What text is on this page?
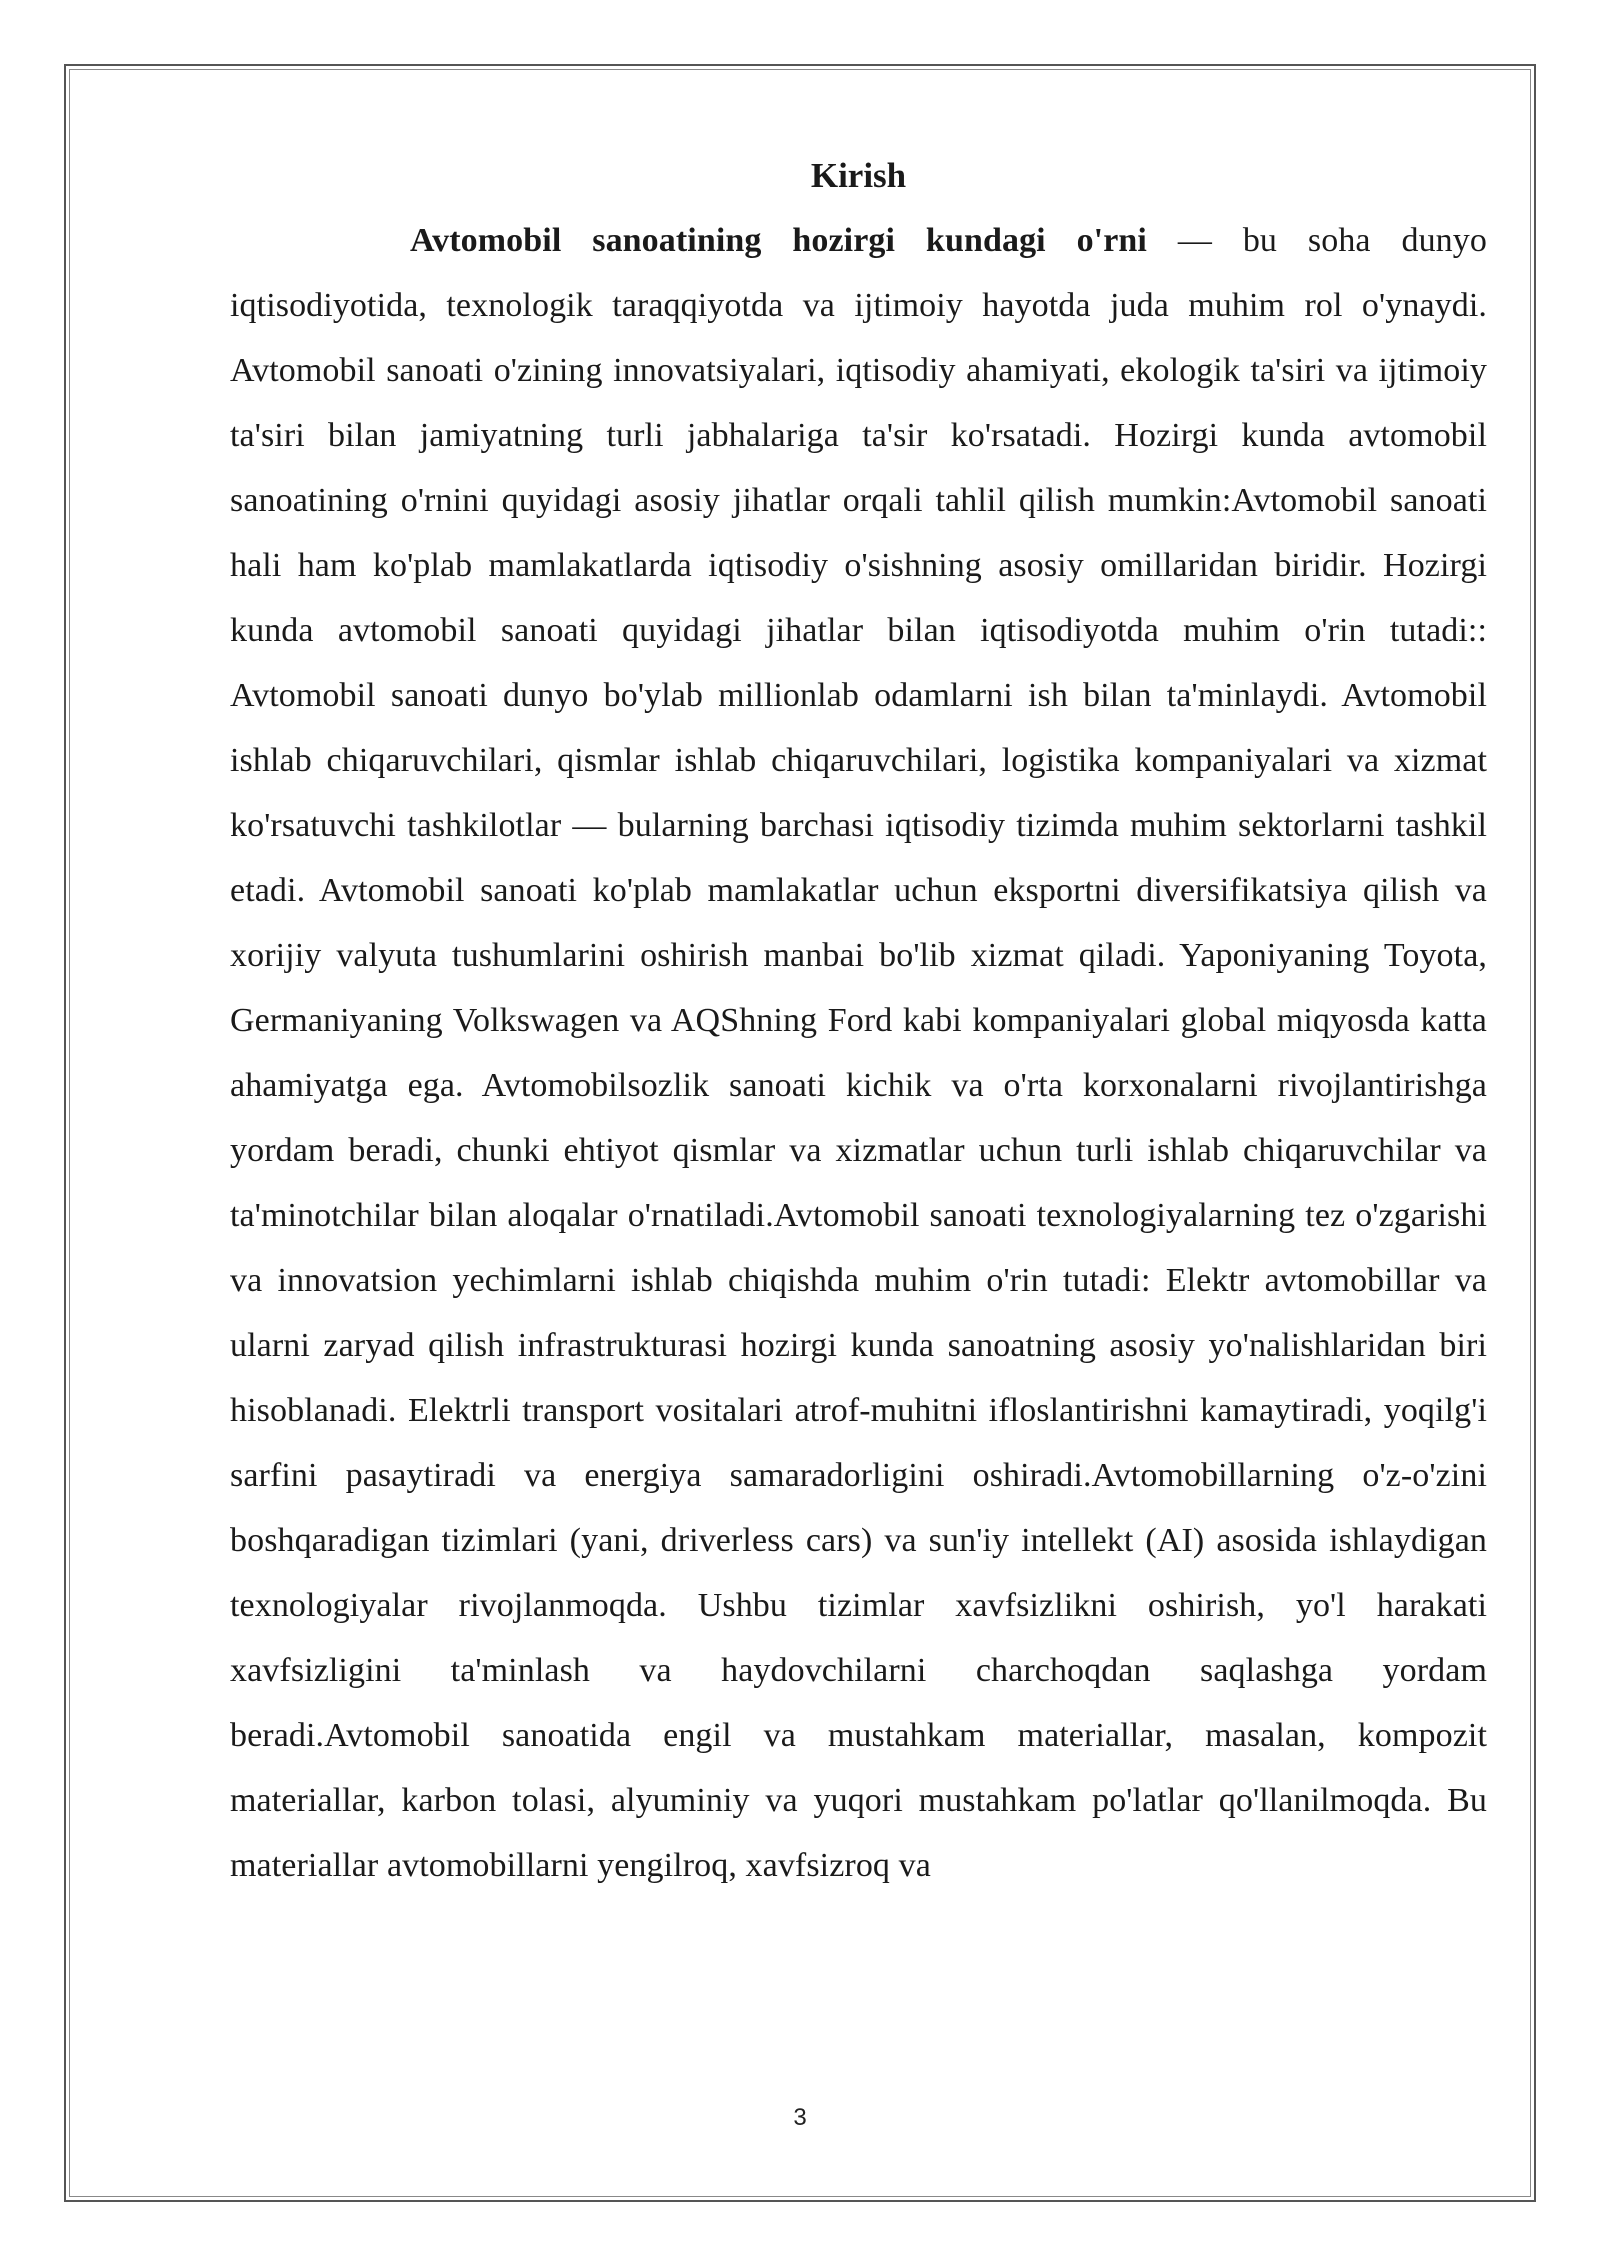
Kirish

Avtomobil sanoatining hozirgi kundagi o'rni — bu soha dunyo iqtisodiyotida, texnologik taraqqiyotda va ijtimoiy hayotda juda muhim rol o'ynaydi. Avtomobil sanoati o'zining innovatsiyalari, iqtisodiy ahamiyati, ekologik ta'siri va ijtimoiy ta'siri bilan jamiyatning turli jabhalariga ta'sir ko'rsatadi. Hozirgi kunda avtomobil sanoatining o'rnini quyidagi asosiy jihatlar orqali tahlil qilish mumkin:Avtomobil sanoati hali ham ko'plab mamlakatlarda iqtisodiy o'sishning asosiy omillaridan biridir. Hozirgi kunda avtomobil sanoati quyidagi jihatlar bilan iqtisodiyotda muhim o'rin tutadi:: Avtomobil sanoati dunyo bo'ylab millionlab odamlarni ish bilan ta'minlaydi. Avtomobil ishlab chiqaruvchilari, qismlar ishlab chiqaruvchilari, logistika kompaniyalari va xizmat ko'rsatuvchi tashkilotlar — bularning barchasi iqtisodiy tizimda muhim sektorlarni tashkil etadi. Avtomobil sanoati ko'plab mamlakatlar uchun eksportni diversifikatsiya qilish va xorijiy valyuta tushumlarini oshirish manbai bo'lib xizmat qiladi. Yaponiyaning Toyota, Germaniyaning Volkswagen va AQShning Ford kabi kompaniyalari global miqyosda katta ahamiyatga ega. Avtomobilsozlik sanoati kichik va o'rta korxonalarni rivojlantirishga yordam beradi, chunki ehtiyot qismlar va xizmatlar uchun turli ishlab chiqaruvchilar va ta'minotchilar bilan aloqalar o'rnatiladi.Avtomobil sanoati texnologiyalarning tez o'zgarishi va innovatsion yechimlarni ishlab chiqishda muhim o'rin tutadi: Elektr avtomobillar va ularni zaryad qilish infrastrukturasi hozirgi kunda sanoatning asosiy yo'nalishlaridan biri hisoblanadi. Elektrli transport vositalari atrof-muhitni ifloslantirishni kamaytiradi, yoqilg'i sarfini pasaytiradi va energiya samaradorligini oshiradi.Avtomobillarning o'z-o'zini boshqaradigan tizimlari (yani, driverless cars) va sun'iy intellekt (AI) asosida ishlaydigan texnologiyalar rivojlanmoqda. Ushbu tizimlar xavfsizlikni oshirish, yo'l harakati xavfsizligini ta'minlash va haydovchilarni charchoqdan saqlashga yordam beradi.Avtomobil sanoatida engil va mustahkam materiallar, masalan, kompozit materiallar, karbon tolasi, alyuminiy va yuqori mustahkam po'latlar qo'llanilmoqda. Bu materiallar avtomobillarni yengilroq, xavfsizroq va

3
